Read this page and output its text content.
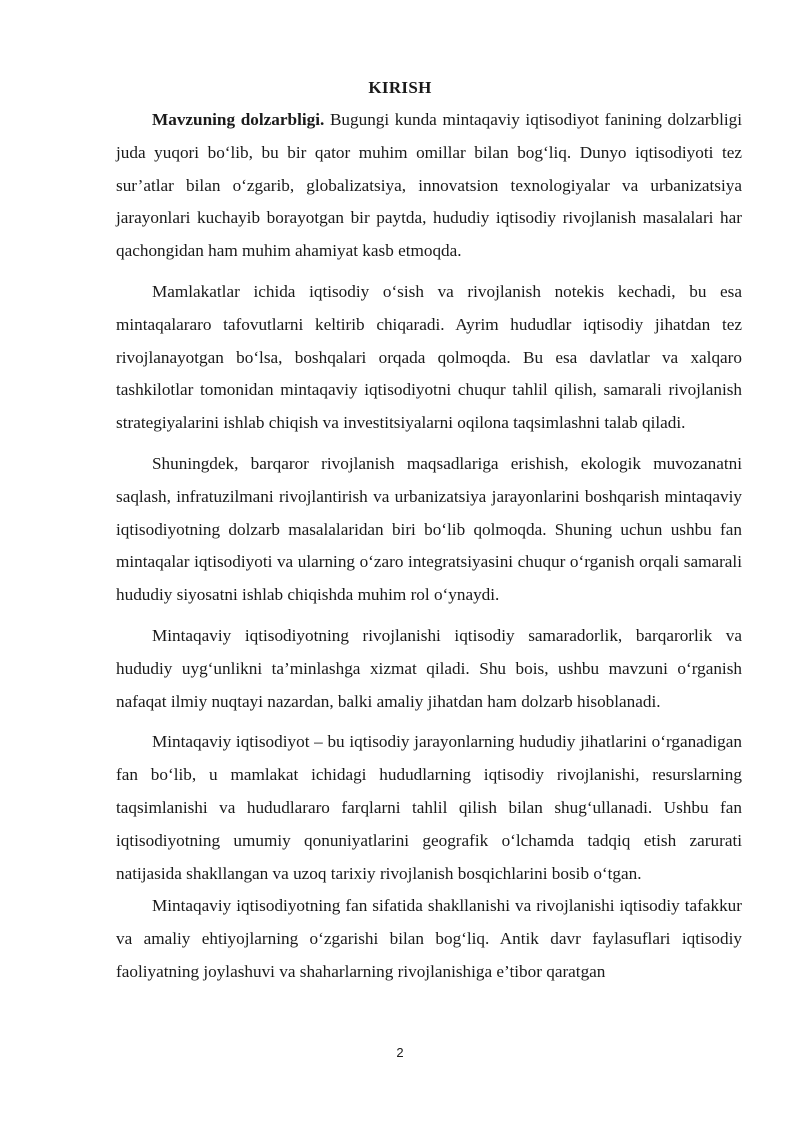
KIRISH

Mavzuning dolzarbligi. Bugungi kunda mintaqaviy iqtisodiyot fanining dolzarbligi juda yuqori bo‘lib, bu bir qator muhim omillar bilan bog‘liq. Dunyo iqtisodiyoti tez sur’atlar bilan o‘zgarib, globalizatsiya, innovatsion texnologiyalar va urbanizatsiya jarayonlari kuchayib borayotgan bir paytda, hududiy iqtisodiy rivojlanish masalalari har qachongidan ham muhim ahamiyat kasb etmoqda.

Mamlakatlar ichida iqtisodiy o‘sish va rivojlanish notekis kechadi, bu esa mintaqalararo tafovutlarni keltirib chiqaradi. Ayrim hududlar iqtisodiy jihatdan tez rivojlanayotgan bo‘lsa, boshqalari orqada qolmoqda. Bu esa davlatlar va xalqaro tashkilotlar tomonidan mintaqaviy iqtisodiyotni chuqur tahlil qilish, samarali rivojlanish strategiyalarini ishlab chiqish va investitsiyalarni oqilona taqsimlashni talab qiladi.

Shuningdek, barqaror rivojlanish maqsadlariga erishish, ekologik muvozanatni saqlash, infratuzilmani rivojlantirish va urbanizatsiya jarayonlarini boshqarish mintaqaviy iqtisodiyotning dolzarb masalalaridan biri bo‘lib qolmoqda. Shuning uchun ushbu fan mintaqalar iqtisodiyoti va ularning o‘zaro integratsiyasini chuqur o‘rganish orqali samarali hududiy siyosatni ishlab chiqishda muhim rol o‘ynaydi.

Mintaqaviy iqtisodiyotning rivojlanishi iqtisodiy samaradorlik, barqarorlik va hududiy uyg‘unlikni ta’minlashga xizmat qiladi. Shu bois, ushbu mavzuni o‘rganish nafaqat ilmiy nuqtayi nazardan, balki amaliy jihatdan ham dolzarb hisoblanadi.

Mintaqaviy iqtisodiyot – bu iqtisodiy jarayonlarning hududiy jihatlarini o‘rganadigan fan bo‘lib, u mamlakat ichidagi hududlarning iqtisodiy rivojlanishi, resurslarning taqsimlanishi va hududlararo farqlarni tahlil qilish bilan shug‘ullanadi. Ushbu fan iqtisodiyotning umumiy qonuniyatlarini geografik o‘lchamda tadqiq etish zarurati natijasida shakllangan va uzoq tarixiy rivojlanish bosqichlarini bosib o‘tgan.

Mintaqaviy iqtisodiyotning fan sifatida shakllanishi va rivojlanishi iqtisodiy tafakkur va amaliy ehtiyojlarning o‘zgarishi bilan bog‘liq. Antik davr faylasuflari iqtisodiy faoliyatning joylashuvi va shaharlarning rivojlanishiga e’tibor qaratgan

2
